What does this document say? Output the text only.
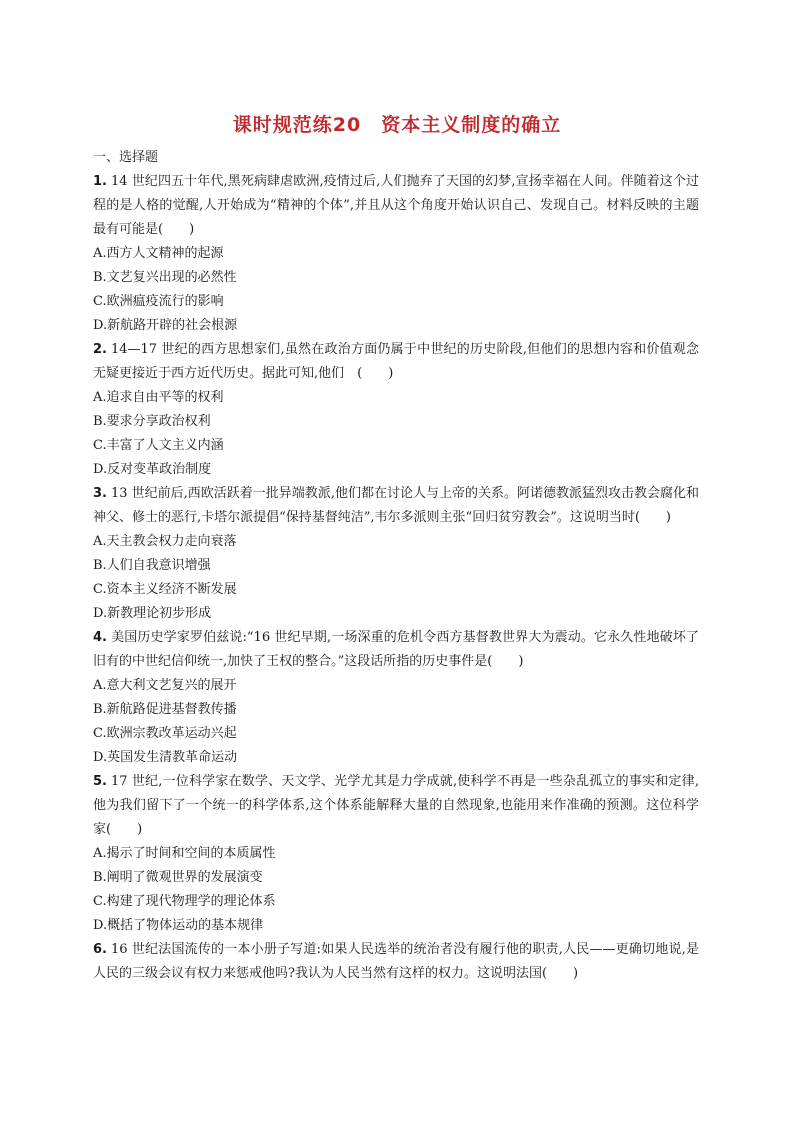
课时规范练20　资本主义制度的确立

一、选择题

1. 14 世纪四五十年代,黑死病肆虐欧洲,疫情过后,人们抛弃了天国的幻梦,宣扬幸福在人间。伴随着这个过程的是人格的觉醒,人开始成为“精神的个体”,并且从这个角度开始认识自己、发现自己。材料反映的主题最有可能是(　　)

A.西方人文精神的起源

B.文艺复兴出现的必然性

C.欧洲瘟疫流行的影响

D.新航路开辟的社会根源

2. 14—17 世纪的西方思想家们,虽然在政治方面仍属于中世纪的历史阶段,但他们的思想内容和价值观念无疑更接近于西方近代历史。据此可知,他们　(　　)

A.追求自由平等的权利

B.要求分享政治权利

C.丰富了人文主义内涵

D.反对变革政治制度

3. 13 世纪前后,西欧活跃着一批异端教派,他们都在讨论人与上帝的关系。阿诺德教派猛烈攻击教会腐化和神父、修士的恶行,卡塔尔派提倡“保持基督纯洁”,韦尔多派则主张“回归贫穷教会”。这说明当时(　　)

A.天主教会权力走向衰落

B.人们自我意识增强

C.资本主义经济不断发展

D.新教理论初步形成

4. 美国历史学家罗伯兹说:“16 世纪早期,一场深重的危机令西方基督教世界大为震动。它永久性地破坏了旧有的中世纪信仰统一,加快了王权的整合。”这段话所指的历史事件是(　　)

A.意大利文艺复兴的展开

B.新航路促进基督教传播

C.欧洲宗教改革运动兴起

D.英国发生清教革命运动

5. 17 世纪,一位科学家在数学、天文学、光学尤其是力学成就,使科学不再是一些杂乱孤立的事实和定律,他为我们留下了一个统一的科学体系,这个体系能解释大量的自然现象,也能用来作准确的预测。这位科学家(　　)

A.揭示了时间和空间的本质属性

B.阐明了微观世界的发展演变

C.构建了现代物理学的理论体系

D.概括了物体运动的基本规律

6. 16 世纪法国流传的一本小册子写道:如果人民选举的统治者没有履行他的职责,人民——更确切地说,是人民的三级会议有权力来惩戒他吗?我认为人民当然有这样的权力。这说明法国(　　)
